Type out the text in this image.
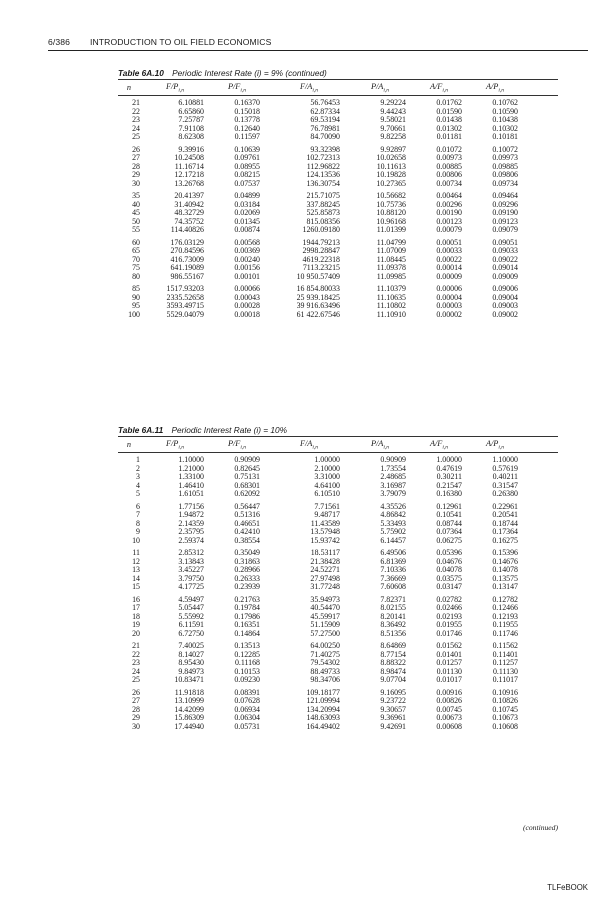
6/386 INTRODUCTION TO OIL FIELD ECONOMICS
Table 6A.10  Periodic Interest Rate (i) = 9% (continued)
n	$F/P_{i,n}$	$P/F_{i,n}$	$F/A_{i,n}$	$P/A_{i,n}$	$A/F_{i,n}$	$A/P_{i,n}$
21	6.10881	0.16370	56.76453	9.29224	0.01762	0.10762
22	6.65860	0.15018	62.87334	9.44243	0.01590	0.10590
23	7.25787	0.13778	69.53194	9.58021	0.01438	0.10438
24	7.91108	0.12640	76.78981	9.70661	0.01302	0.10302
25	8.62308	0.11597	84.70090	9.82258	0.01181	0.10181
26	9.39916	0.10639	93.32398	9.92897	0.01072	0.10072
27	10.24508	0.09761	102.72313	10.02658	0.00973	0.09973
28	11.16714	0.08955	112.96822	10.11613	0.00885	0.09885
29	12.17218	0.08215	124.13536	10.19828	0.00806	0.09806
30	13.26768	0.07537	136.30754	10.27365	0.00734	0.09734
35	20.41397	0.04899	215.71075	10.56682	0.00464	0.09464
40	31.40942	0.03184	337.88245	10.75736	0.00296	0.09296
45	48.32729	0.02069	525.85873	10.88120	0.00190	0.09190
50	74.35752	0.01345	815.08356	10.96168	0.00123	0.09123
55	114.40826	0.00874	1260.09180	11.01399	0.00079	0.09079
60	176.03129	0.00568	1944.79213	11.04799	0.00051	0.09051
65	270.84596	0.00369	2998.28847	11.07009	0.00033	0.09033
70	416.73009	0.00240	4619.22318	11.08445	0.00022	0.09022
75	641.19089	0.00156	7113.23215	11.09378	0.00014	0.09014
80	986.55167	0.00101	10 950.57409	11.09985	0.00009	0.09009
85	1517.93203	0.00066	16 854.80033	11.10379	0.00006	0.09006
90	2335.52658	0.00043	25 939.18425	11.10635	0.00004	0.09004
95	3593.49715	0.00028	39 916.63496	11.10802	0.00003	0.09003
100	5529.04079	0.00018	61 422.67546	11.10910	0.00002	0.09002
Table 6A.11  Periodic Interest Rate (i) = 10%
n	$F/P_{i,n}$	$P/F_{i,n}$	$F/A_{i,n}$	$P/A_{i,n}$	$A/F_{i,n}$	$A/P_{i,n}$
1	1.10000	0.90909	1.00000	0.90909	1.00000	1.10000
2	1.21000	0.82645	2.10000	1.73554	0.47619	0.57619
3	1.33100	0.75131	3.31000	2.48685	0.30211	0.40211
4	1.46410	0.68301	4.64100	3.16987	0.21547	0.31547
5	1.61051	0.62092	6.10510	3.79079	0.16380	0.26380
6	1.77156	0.56447	7.71561	4.35526	0.12961	0.22961
7	1.94872	0.51316	9.48717	4.86842	0.10541	0.20541
8	2.14359	0.46651	11.43589	5.33493	0.08744	0.18744
9	2.35795	0.42410	13.57948	5.75902	0.07364	0.17364
10	2.59374	0.38554	15.93742	6.14457	0.06275	0.16275
11	2.85312	0.35049	18.53117	6.49506	0.05396	0.15396
12	3.13843	0.31863	21.38428	6.81369	0.04676	0.14676
13	3.45227	0.28966	24.52271	7.10336	0.04078	0.14078
14	3.79750	0.26333	27.97498	7.36669	0.03575	0.13575
15	4.17725	0.23939	31.77248	7.60608	0.03147	0.13147
16	4.59497	0.21763	35.94973	7.82371	0.02782	0.12782
17	5.05447	0.19784	40.54470	8.02155	0.02466	0.12466
18	5.55992	0.17986	45.59917	8.20141	0.02193	0.12193
19	6.11591	0.16351	51.15909	8.36492	0.01955	0.11955
20	6.72750	0.14864	57.27500	8.51356	0.01746	0.11746
21	7.40025	0.13513	64.00250	8.64869	0.01562	0.11562
22	8.14027	0.12285	71.40275	8.77154	0.01401	0.11401
23	8.95430	0.11168	79.54302	8.88322	0.01257	0.11257
24	9.84973	0.10153	88.49733	8.98474	0.01130	0.11130
25	10.83471	0.09230	98.34706	9.07704	0.01017	0.11017
26	11.91818	0.08391	109.18177	9.16095	0.00916	0.10916
27	13.10999	0.07628	121.09994	9.23722	0.00826	0.10826
28	14.42099	0.06934	134.20994	9.30657	0.00745	0.10745
29	15.86309	0.06304	148.63093	9.36961	0.00673	0.10673
30	17.44940	0.05731	164.49402	9.42691	0.00608	0.10608
(continued)
TLFeBOOK
